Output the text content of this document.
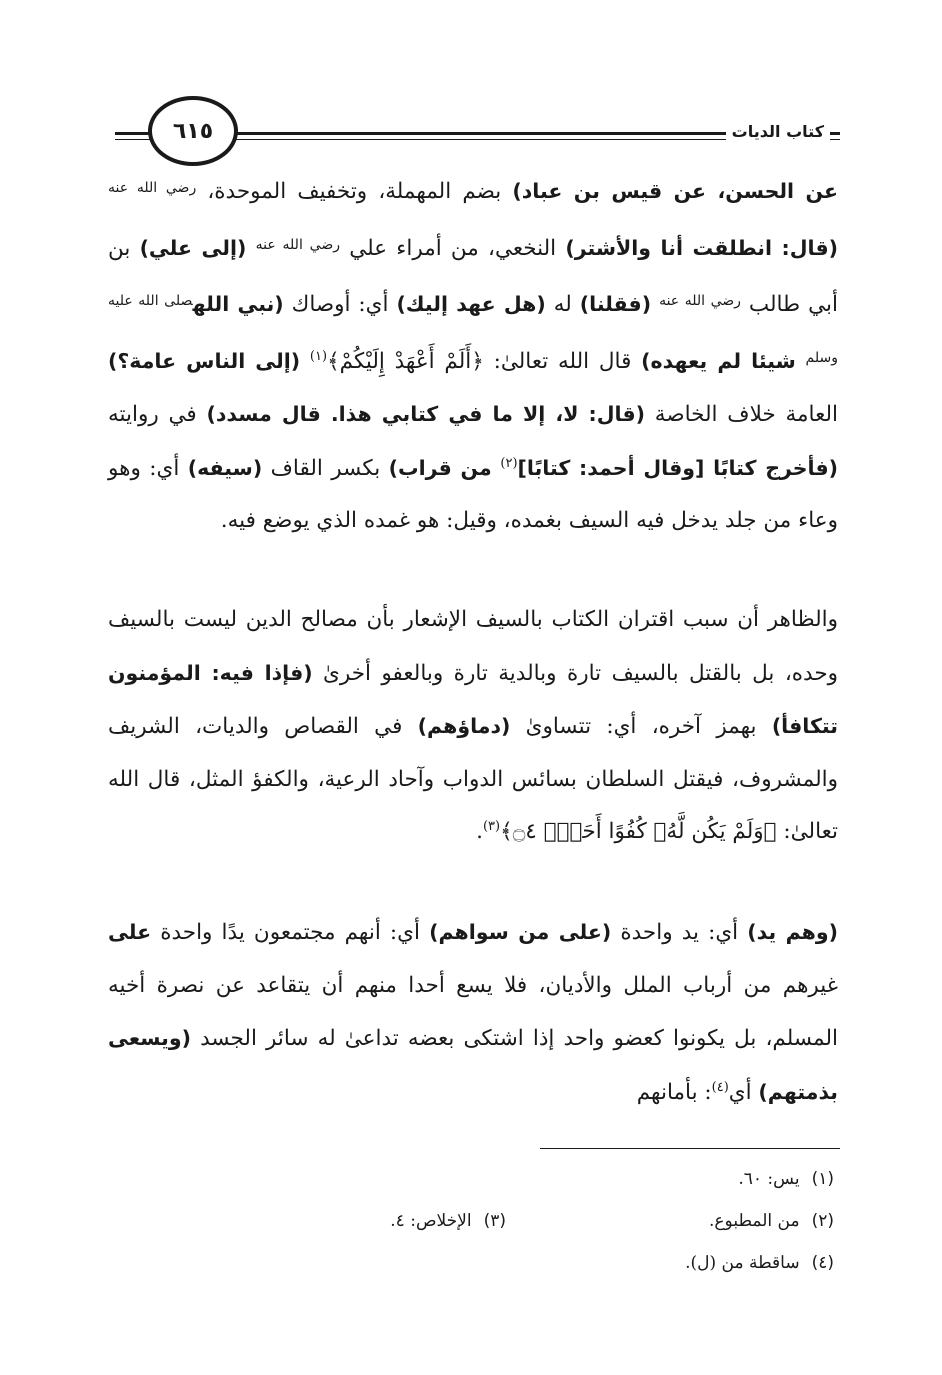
كتاب الديات
٦١٥
عن الحسن، عن قيس بن عباد) بضم المهملة، وتخفيف الموحدة، $^{رضي الله عنه}$ (قال: انطلقت أنا والأشتر) النخعي، من أمراء علي $^{رضي الله عنه}$ (إلى علي) بن أبي طالب $^{رضي الله عنه}$ (فقلنا) له (هل عهد إليك) أي: أوصاك (نبي الله$^{صلى الله عليه وسلم}$ شيئا لم يعهده) قال الله تعالىٰ: ﴿أَلَمْ أَعْهَدْ إِلَيْكُمْ﴾$^{(١)}$ (إلى الناس عامة؟) العامة خلاف الخاصة (قال: لا، إلا ما في كتابي هذا. قال مسدد) في روايته (فأخرج كتابًا [وقال أحمد: كتابًا]$^{(٢)}$ من قراب) بكسر القاف (سيفه) أي: وهو وعاء من جلد يدخل فيه السيف بغمده، وقيل: هو غمده الذي يوضع فيه.
والظاهر أن سبب اقتران الكتاب بالسيف الإشعار بأن مصالح الدين ليست بالسيف وحده، بل بالقتل بالسيف تارة وبالدية تارة وبالعفو أخرىٰ (فإذا فيه: المؤمنون تتكافأ) بهمز آخره، أي: تتساوىٰ (دماؤهم) في القصاص والديات، الشريف والمشروف، فيقتل السلطان بسائس الدواب وآحاد الرعية، والكفؤ المثل، قال الله تعالىٰ: ﴿وَلَمْ يَكُن لَّهُۥ كُفُوًا أَحَدٌۢ ۝٤﴾$^{(٣)}$.
(وهم يد) أي: يد واحدة (على من سواهم) أي: أنهم مجتمعون يدًا واحدة على غيرهم من أرباب الملل والأديان، فلا يسع أحدا منهم أن يتقاعد عن نصرة أخيه المسلم، بل يكونوا كعضو واحد إذا اشتكى بعضه تداعىٰ له سائر الجسد (ويسعى بذمتهم) أي$^{(٤)}$: بأمانهم
(١)يس: ٦٠.
(٢)من المطبوع.
(٣)الإخلاص: ٤.
(٤)ساقطة من (ل).
